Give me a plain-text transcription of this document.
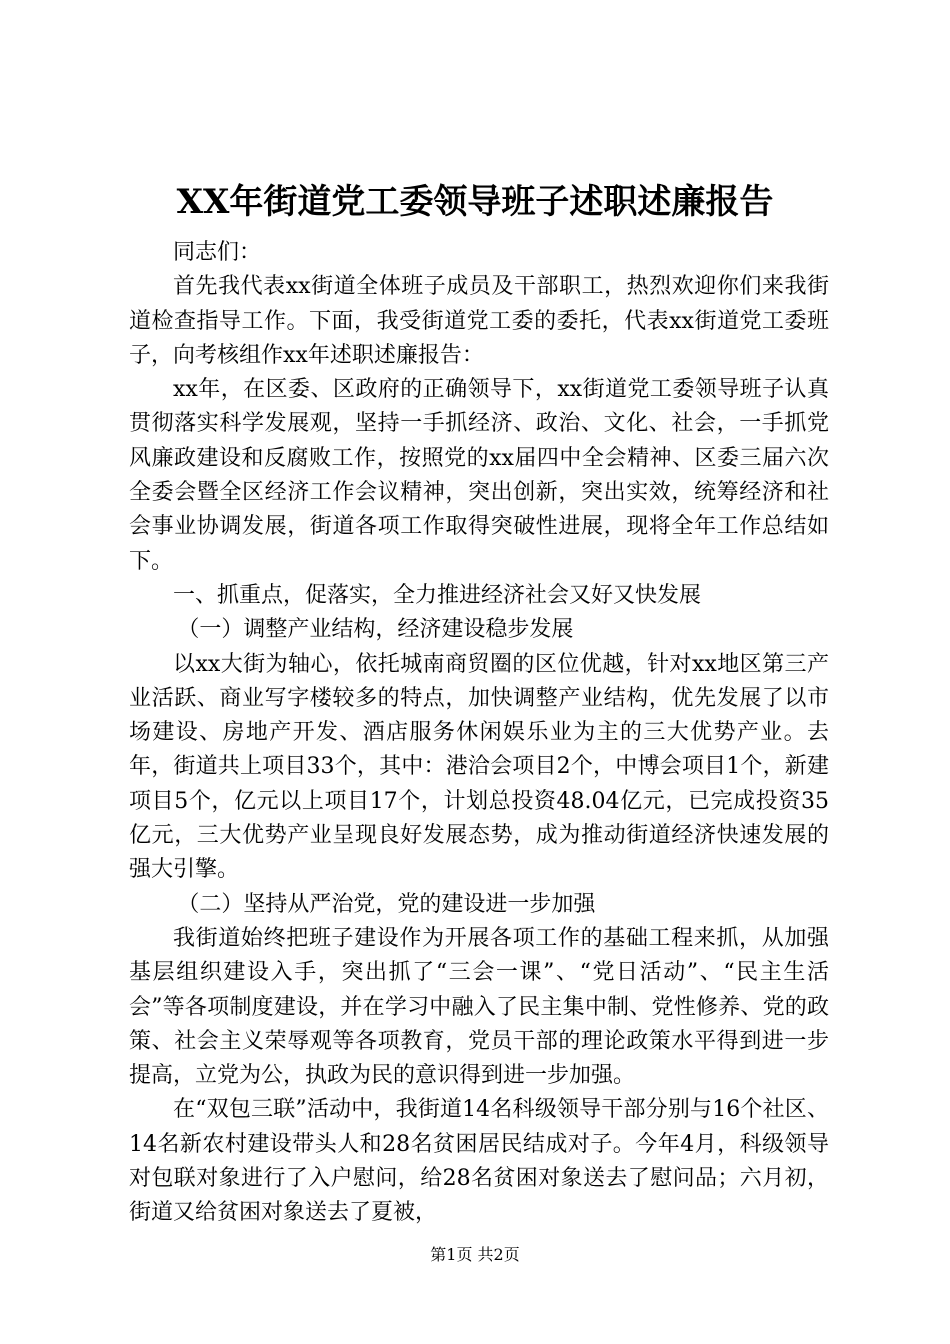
XX年街道党工委领导班子述职述廉报告

同志们：

首先我代表xx街道全体班子成员及干部职工，热烈欢迎你们来我街道检查指导工作。下面，我受街道党工委的委托，代表xx街道党工委班子，向考核组作xx年述职述廉报告：

xx年，在区委、区政府的正确领导下，xx街道党工委领导班子认真贯彻落实科学发展观，坚持一手抓经济、政治、文化、社会，一手抓党风廉政建设和反腐败工作，按照党的xx届四中全会精神、区委三届六次全委会暨全区经济工作会议精神，突出创新，突出实效，统筹经济和社会事业协调发展，街道各项工作取得突破性进展，现将全年工作总结如下。

一、抓重点，促落实，全力推进经济社会又好又快发展

（一）调整产业结构，经济建设稳步发展

以xx大街为轴心，依托城南商贸圈的区位优越，针对xx地区第三产业活跃、商业写字楼较多的特点，加快调整产业结构，优先发展了以市场建设、房地产开发、酒店服务休闲娱乐业为主的三大优势产业。去年，街道共上项目33个，其中：港洽会项目2个，中博会项目1个，新建项目5个，亿元以上项目17个，计划总投资48.04亿元，已完成投资35亿元，三大优势产业呈现良好发展态势，成为推动街道经济快速发展的强大引擎。

（二）坚持从严治党，党的建设进一步加强

我街道始终把班子建设作为开展各项工作的基础工程来抓，从加强基层组织建设入手，突出抓了“三会一课”、“党日活动”、“民主生活会”等各项制度建设，并在学习中融入了民主集中制、党性修养、党的政策、社会主义荣辱观等各项教育，党员干部的理论政策水平得到进一步提高，立党为公，执政为民的意识得到进一步加强。

在“双包三联”活动中，我街道14名科级领导干部分别与16个社区、14名新农村建设带头人和28名贫困居民结成对子。今年4月，科级领导对包联对象进行了入户慰问，给28名贫困对象送去了慰问品；六月初，街道又给贫困对象送去了夏被，

第1页 共2页
